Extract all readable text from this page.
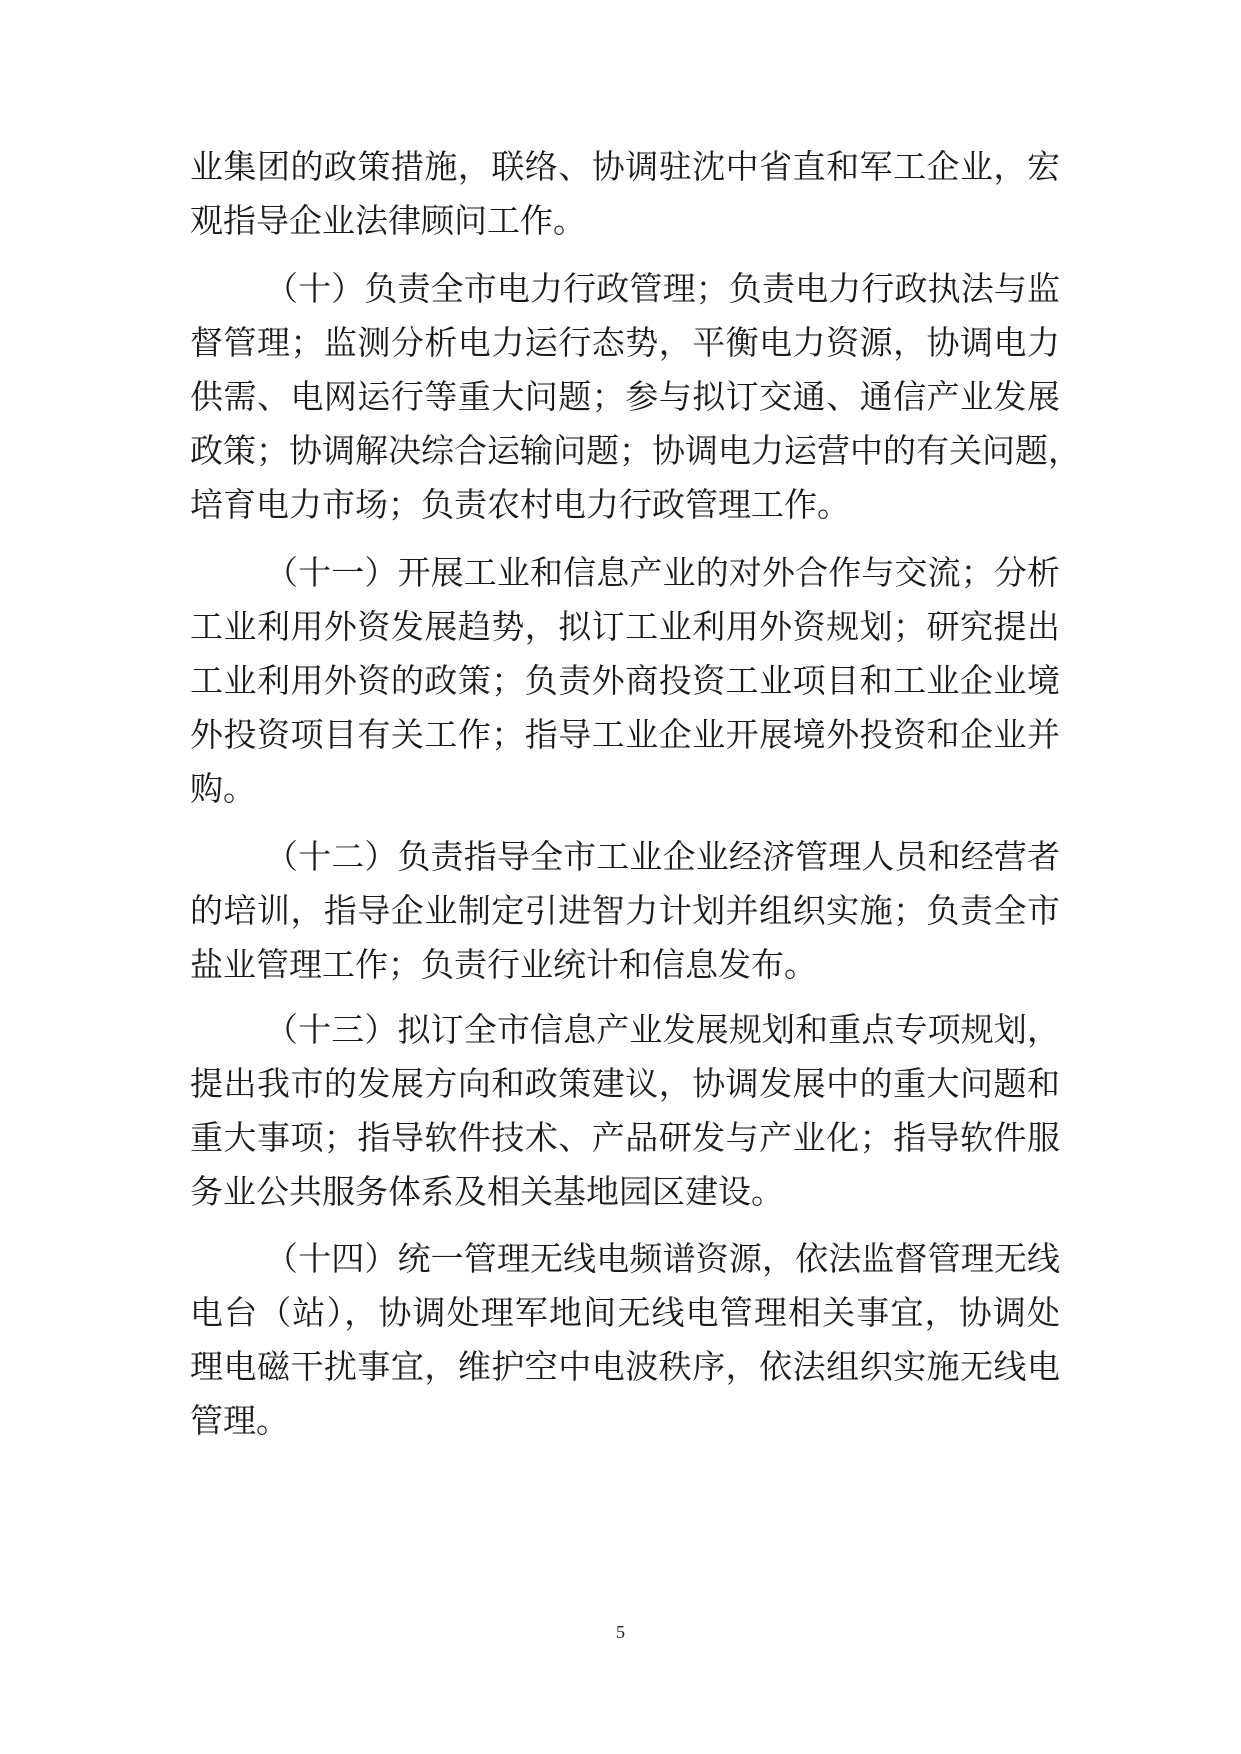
业集团的政策措施，联络、协调驻沈中省直和军工企业，宏
观指导企业法律顾问工作。
（十）负责全市电力行政管理；负责电力行政执法与监
督管理；监测分析电力运行态势，平衡电力资源，协调电力
供需、电网运行等重大问题；参与拟订交通、通信产业发展
政策；协调解决综合运输问题；协调电力运营中的有关问题，
培育电力市场；负责农村电力行政管理工作。
（十一）开展工业和信息产业的对外合作与交流；分析
工业利用外资发展趋势，拟订工业利用外资规划；研究提出
工业利用外资的政策；负责外商投资工业项目和工业企业境
外投资项目有关工作；指导工业企业开展境外投资和企业并
购。
（十二）负责指导全市工业企业经济管理人员和经营者
的培训，指导企业制定引进智力计划并组织实施；负责全市
盐业管理工作；负责行业统计和信息发布。
（十三）拟订全市信息产业发展规划和重点专项规划，
提出我市的发展方向和政策建议，协调发展中的重大问题和
重大事项；指导软件技术、产品研发与产业化；指导软件服
务业公共服务体系及相关基地园区建设。
（十四）统一管理无线电频谱资源，依法监督管理无线
电台（站），协调处理军地间无线电管理相关事宜，协调处
理电磁干扰事宜，维护空中电波秩序，依法组织实施无线电
管理。
5
